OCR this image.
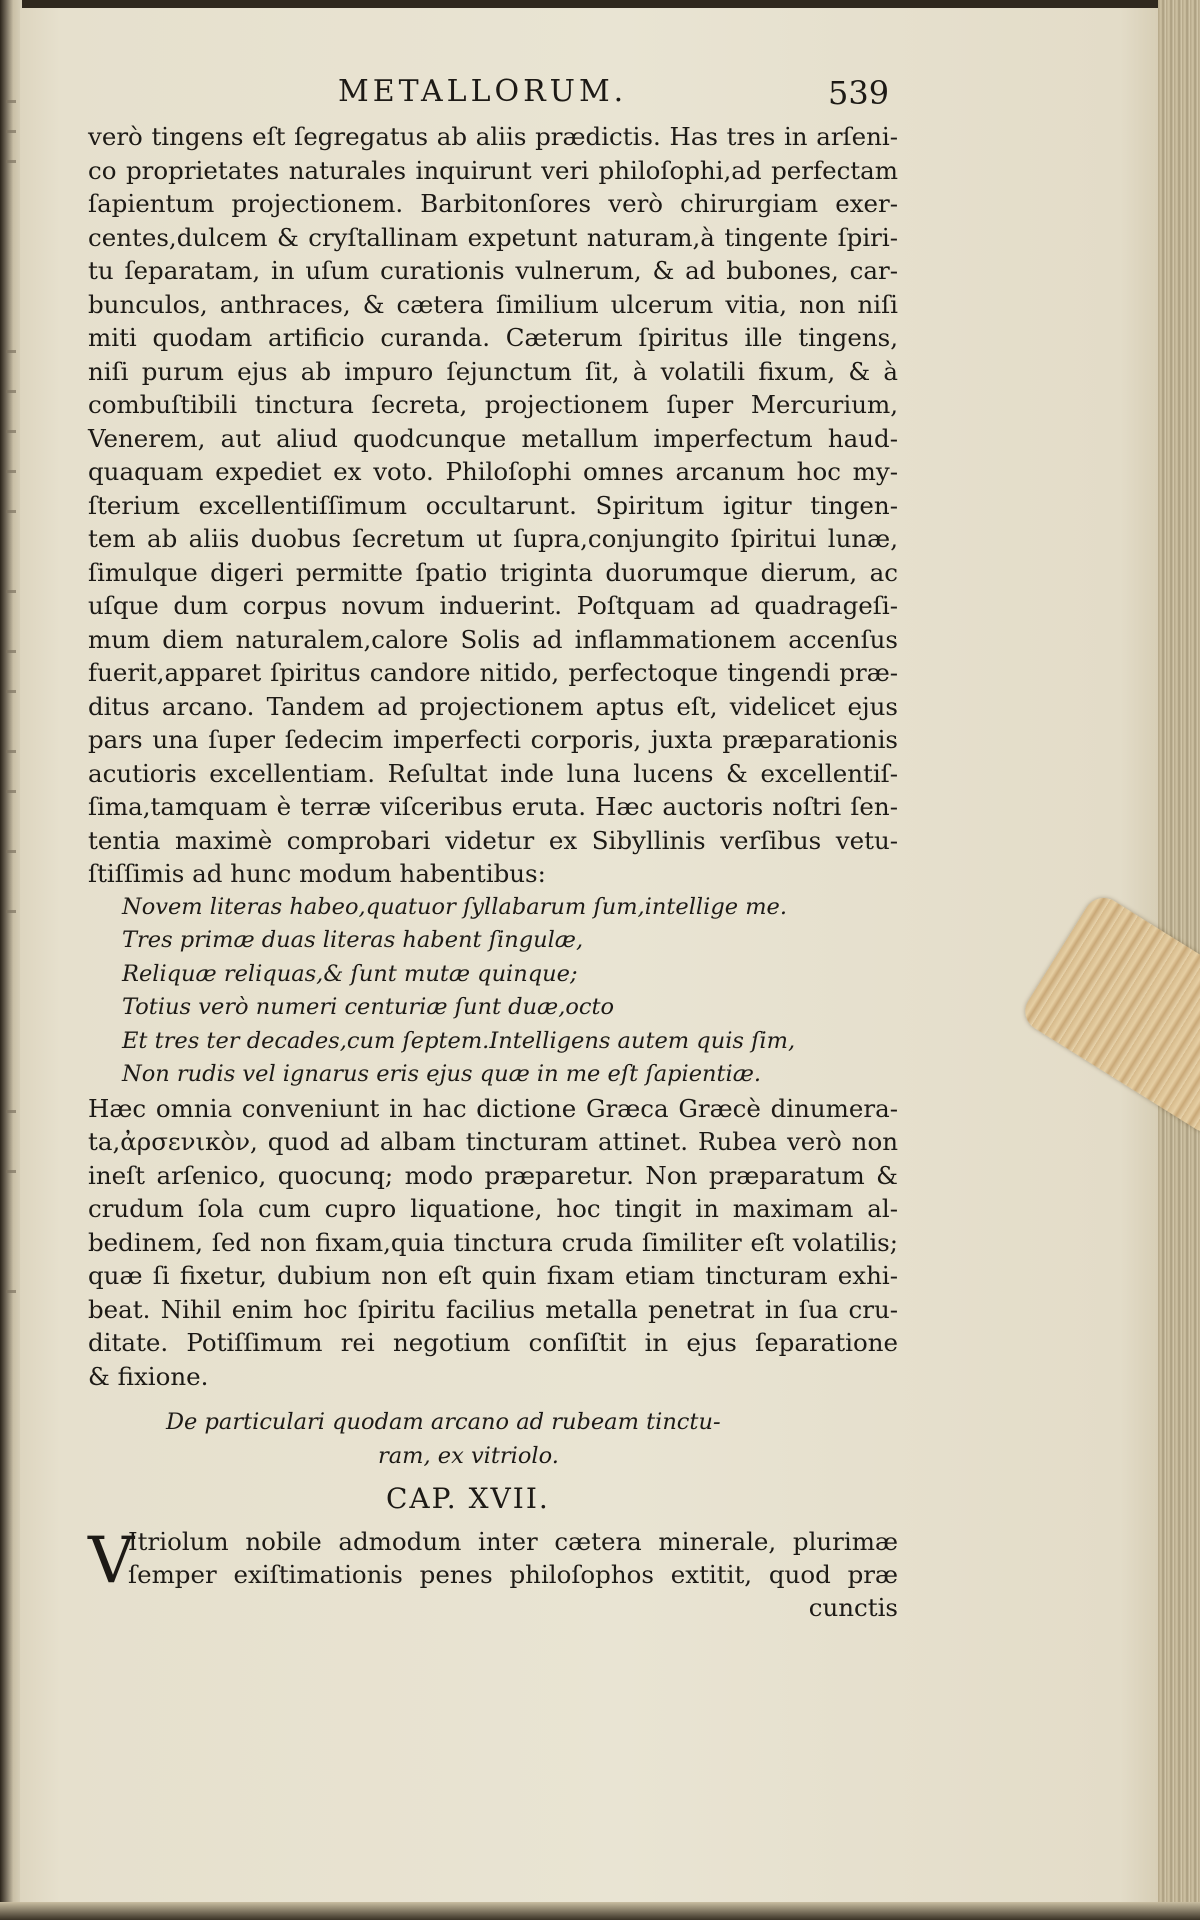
METALLORUM.	539
verò tingens eſt ſegregatus ab aliis prædictis. Has tres in arſeni-
co proprietates naturales inquirunt veri philoſophi,ad perfectam
ſapientum projectionem. Barbitonſores verò chirurgiam exer-
centes,dulcem & cryſtallinam expetunt naturam,à tingente ſpiri-
tu ſeparatam, in uſum curationis vulnerum, & ad bubones, car-
bunculos, anthraces, & cætera ſimilium ulcerum vitia, non niſi
miti quodam artificio curanda. Cæterum ſpiritus ille tingens,
niſi purum ejus ab impuro ſejunctum ſit, à volatili fixum, & à
combuſtibili tinctura ſecreta, projectionem ſuper Mercurium,
Venerem, aut aliud quodcunque metallum imperfectum haud-
quaquam expediet ex voto. Philoſophi omnes arcanum hoc my-
ſterium excellentiſſimum occultarunt. Spiritum igitur tingen-
tem ab aliis duobus ſecretum ut ſupra,conjungito ſpiritui lunæ,
ſimulque digeri permitte ſpatio triginta duorumque dierum, ac
uſque dum corpus novum induerint. Poſtquam ad quadrageſi-
mum diem naturalem,calore Solis ad inflammationem accenſus
fuerit,apparet ſpiritus candore nitido, perfectoque tingendi præ-
ditus arcano. Tandem ad projectionem aptus eſt, videlicet ejus
pars una ſuper ſedecim imperfecti corporis, juxta præparationis
acutioris excellentiam. Reſultat inde luna lucens & excellentiſ-
ſima,tamquam è terræ viſceribus eruta. Hæc auctoris noſtri ſen-
tentia maximè comprobari videtur ex Sibyllinis verſibus vetu-
ſtiſſimis ad hunc modum habentibus:
Novem literas habeo,quatuor ſyllabarum ſum,intellige me.
Tres primæ duas literas habent ſingulæ,
Reliquæ reliquas,& ſunt mutæ quinque;
Totius verò numeri centuriæ ſunt duæ,octo
Et tres ter decades,cum ſeptem.Intelligens autem quis ſim,
Non rudis vel ignarus eris ejus quæ in me eſt ſapientiæ.
Hæc omnia conveniunt in hac dictione Græca Græcè dinumera-
ta,ἀρσενικὸν, quod ad albam tincturam attinet. Rubea verò non
ineſt arſenico, quocunq; modo præparetur. Non præparatum &
crudum ſola cum cupro liquatione, hoc tingit in maximam al-
bedinem, ſed non fixam,quia tinctura cruda ſimiliter eſt volatilis;
quæ ſi fixetur, dubium non eſt quin fixam etiam tincturam exhi-
beat. Nihil enim hoc ſpiritu facilius metalla penetrat in ſua cru-
ditate. Potiſſimum rei negotium conſiſtit in ejus ſeparatione
& fixione.
De particulari quodam arcano ad rubeam tinctu-
ram, ex vitriolo.
CAP. XVII.
V
Itriolum nobile admodum inter cætera minerale, plurimæ
ſemper exiſtimationis penes philoſophos extitit, quod præ
cunctis
